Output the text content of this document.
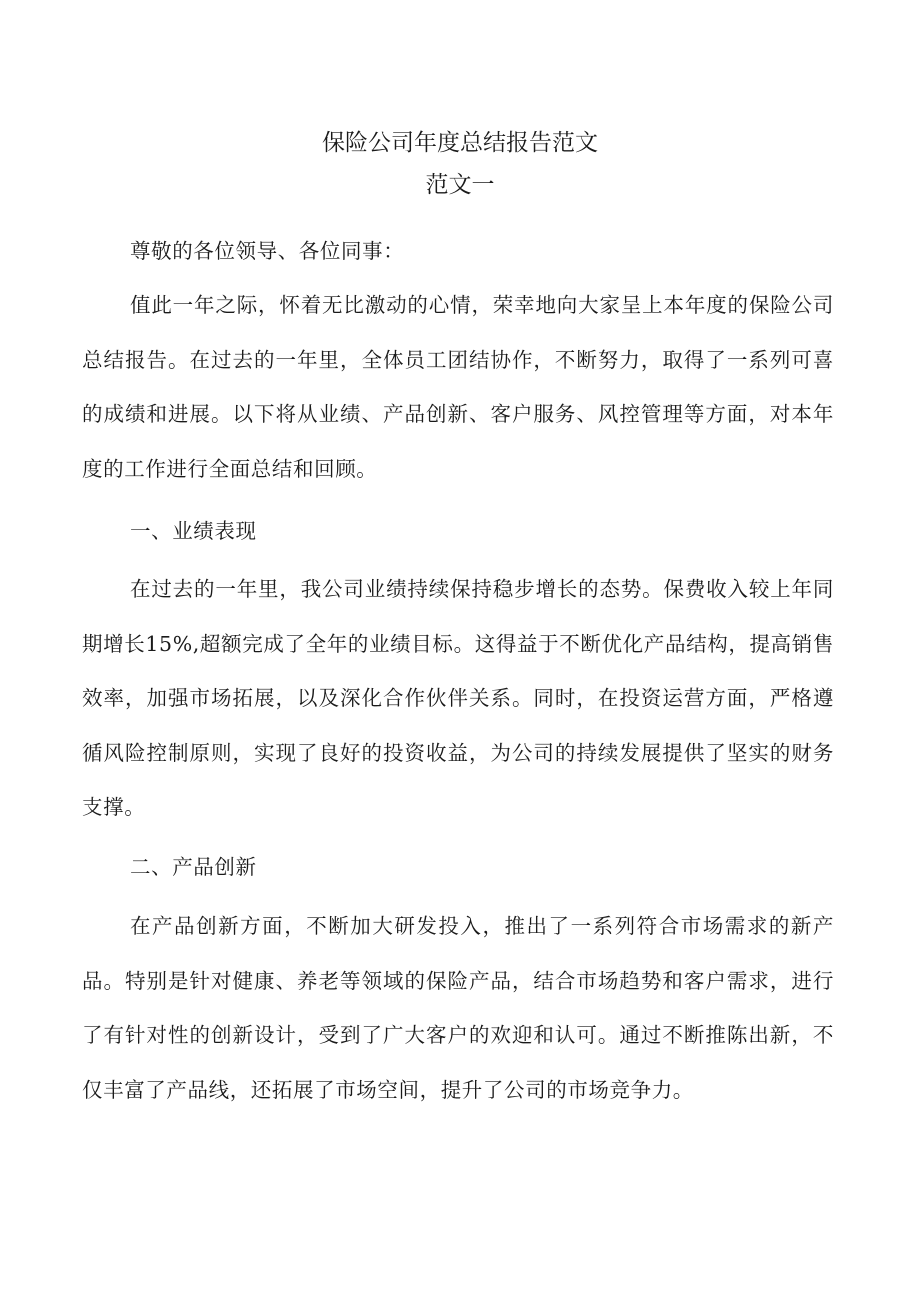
保险公司年度总结报告范文
范文一

尊敬的各位领导、各位同事：

值此一年之际，怀着无比激动的心情，荣幸地向大家呈上本年度的保险公司总结报告。在过去的一年里，全体员工团结协作，不断努力，取得了一系列可喜的成绩和进展。以下将从业绩、产品创新、客户服务、风控管理等方面，对本年度的工作进行全面总结和回顾。

一、业绩表现

在过去的一年里，我公司业绩持续保持稳步增长的态势。保费收入较上年同期增长15%,超额完成了全年的业绩目标。这得益于不断优化产品结构，提高销售效率，加强市场拓展，以及深化合作伙伴关系。同时，在投资运营方面，严格遵循风险控制原则，实现了良好的投资收益，为公司的持续发展提供了坚实的财务支撑。

二、产品创新

在产品创新方面，不断加大研发投入，推出了一系列符合市场需求的新产品。特别是针对健康、养老等领域的保险产品，结合市场趋势和客户需求，进行了有针对性的创新设计，受到了广大客户的欢迎和认可。通过不断推陈出新，不仅丰富了产品线，还拓展了市场空间，提升了公司的市场竞争力。
